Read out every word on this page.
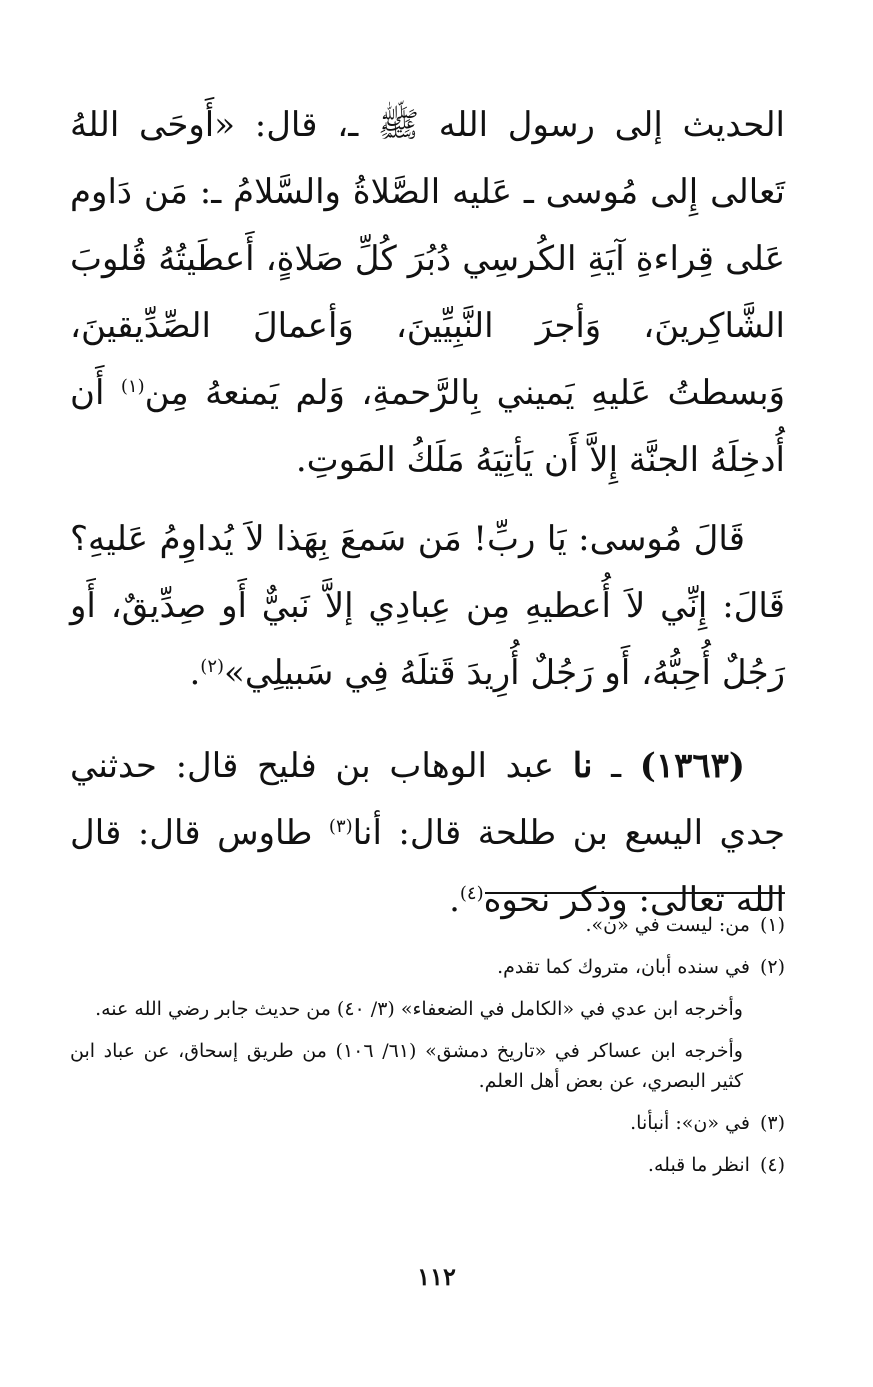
الحديث إلى رسول الله ﷺ ـ، قال: «أَوحَى اللهُ تَعالى إِلى مُوسى ـ عَليه الصَّلاةُ والسَّلامُ ـ: مَن دَاوم عَلى قِراءةِ آيَةِ الكُرسِي دُبُرَ كُلِّ صَلاةٍ، أَعطَيتُهُ قُلوبَ الشَّاكِرينَ، وَأجرَ النَّبِيِّينَ، وَأعمالَ الصِّدِّيقينَ، وَبسطتُ عَليهِ يَميني بِالرَّحمةِ، وَلم يَمنعهُ مِن$^{(١)}$ أَن أُدخِلَهُ الجنَّة إِلاَّ أَن يَأتِيَهُ مَلَكُ المَوتِ.

قَالَ مُوسى: يَا ربِّ! مَن سَمعَ بِهَذا لاَ يُداوِمُ عَليهِ؟ قَالَ: إِنِّي لاَ أُعطيهِ مِن عِبادِي إلاَّ نَبيٌّ أَو صِدِّيقٌ، أَو رَجُلٌ أُحِبُّهُ، أَو رَجُلٌ أُرِيدَ قَتلَهُ فِي سَبيلِي»$^{(٢)}$.

(١٣٦٣) ـ نا عبد الوهاب بن فليح قال: حدثني جدي اليسع بن طلحة قال: أنا$^{(٣)}$ طاوس قال: قال الله تعالى: وذكر نحوه$^{(٤)}$.

(١)من: ليست في «ن».

(٢)في سنده أبان، متروك كما تقدم.

وأخرجه ابن عدي في «الكامل في الضعفاء» (٣/ ٤٠) من حديث جابر رضي الله عنه.

وأخرجه ابن عساكر في «تاريخ دمشق» (٦١/ ١٠٦) من طريق إسحاق، عن عباد ابن كثير البصري، عن بعض أهل العلم.

(٣)في «ن»: أنبأنا.

(٤)انظر ما قبله.

١١٢
